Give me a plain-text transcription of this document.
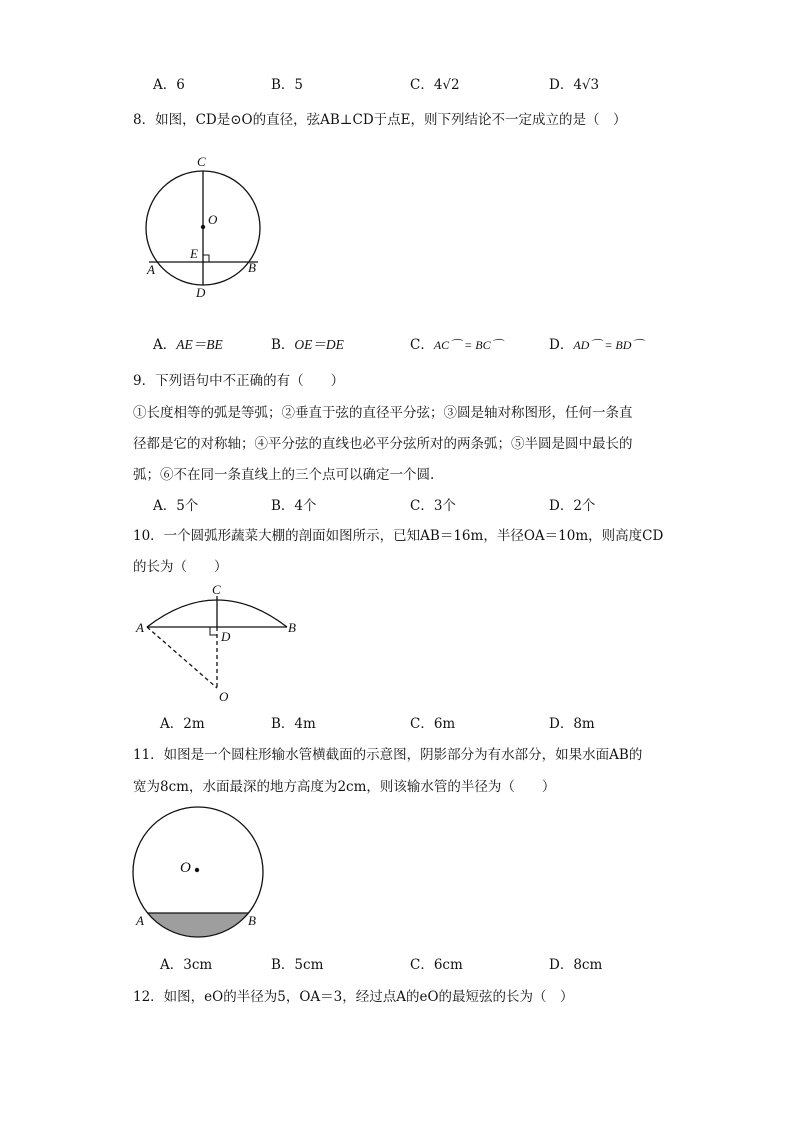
A．6	B．5	C．4√2	D．4√3
8．如图，CD是⊙O的直径，弦AB⊥CD于点E，则下列结论不一定成立的是（　）
C
O
E
A	B
D
A．AE＝BE	B．OE＝DE	C．AC⌒ = BC⌒	D．AD⌒ = BD⌒
9．下列语句中不正确的有（　　）
①长度相等的弧是等弧；②垂直于弦的直径平分弦；③圆是轴对称图形，任何一条直
径都是它的对称轴；④平分弦的直线也必平分弦所对的两条弧；⑤半圆是圆中最长的
弧；⑥不在同一条直线上的三个点可以确定一个圆.
A．5个	B．4个	C．3个	D．2个
10．一个圆弧形蔬菜大棚的剖面如图所示，已知AB＝16m，半径OA＝10m，则高度CD
的长为（　　）
C
A	B
D
O
A．2m	B．4m	C．6m	D．8m
11．如图是一个圆柱形输水管横截面的示意图，阴影部分为有水部分，如果水面AB的
宽为8cm，水面最深的地方高度为2cm，则该输水管的半径为（　　）
O
A	B
A．3cm	B．5cm	C．6cm	D．8cm
12．如图，eO的半径为5，OA＝3，经过点A的eO的最短弦的长为（　）
